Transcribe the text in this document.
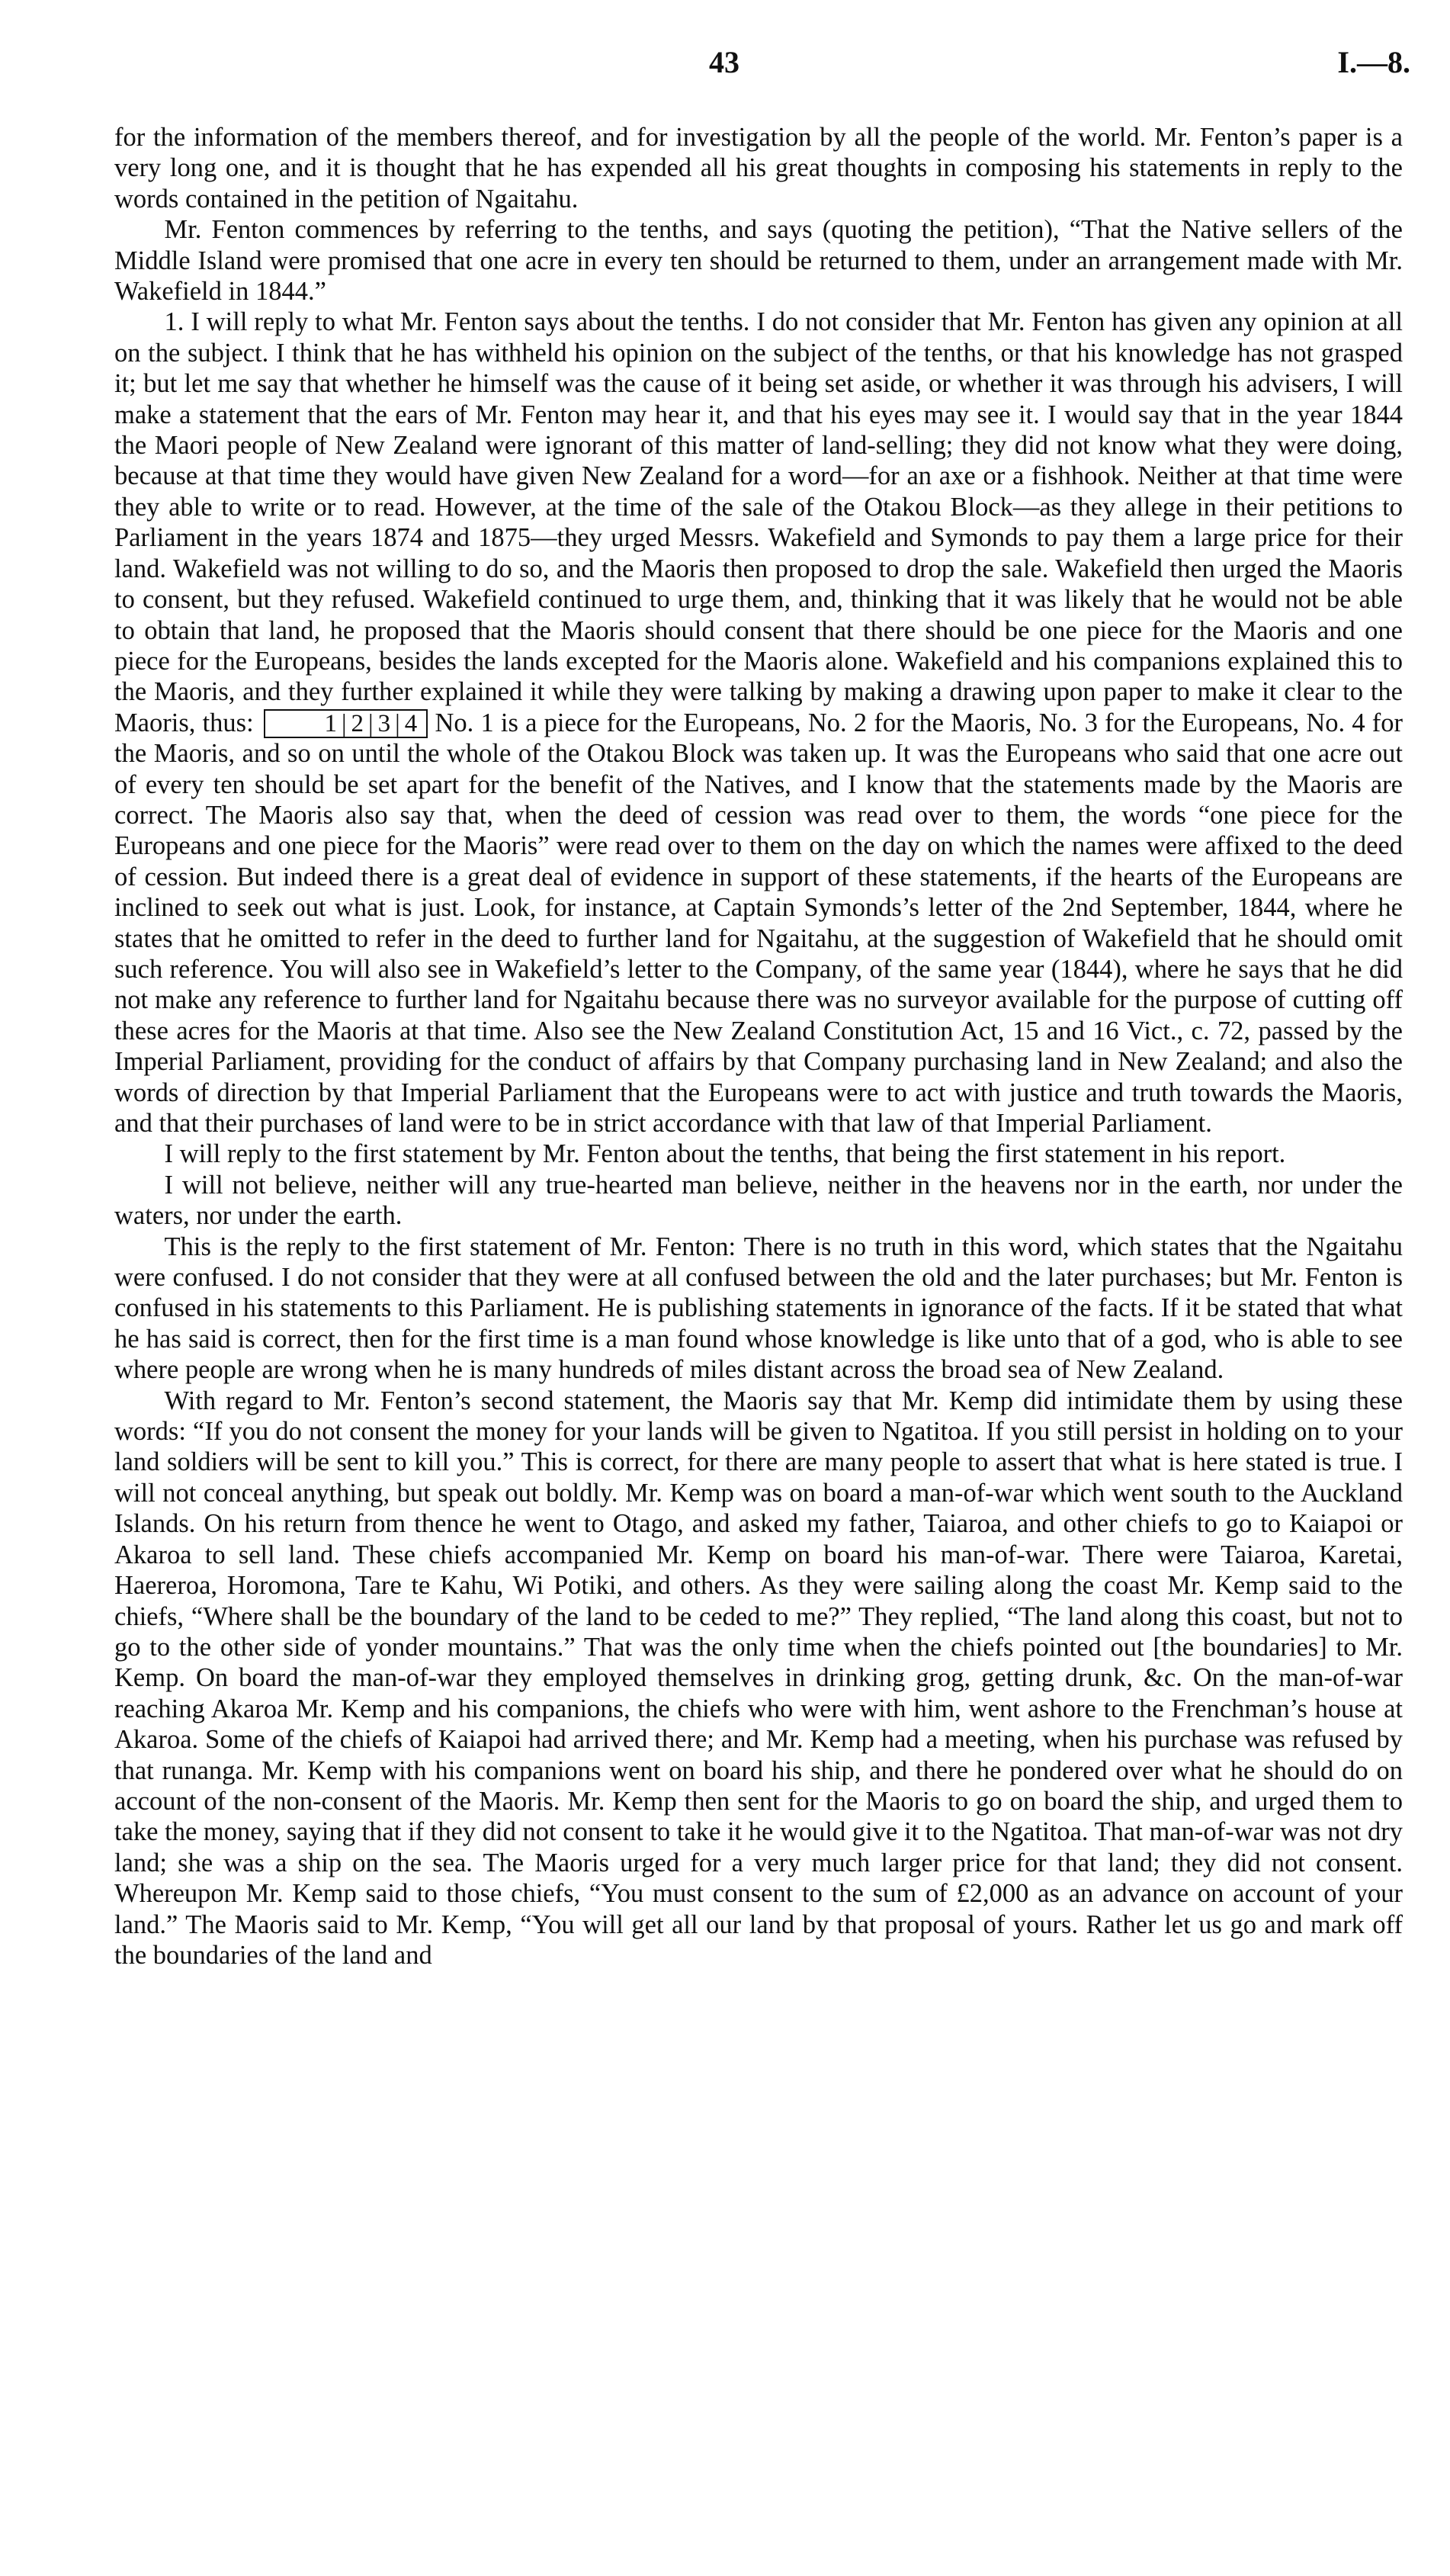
43	I.—8.

for the information of the members thereof, and for investigation by all the people of the world. Mr. Fenton’s paper is a very long one, and it is thought that he has expended all his great thoughts in composing his statements in reply to the words contained in the petition of Ngaitahu.

Mr. Fenton commences by referring to the tenths, and says (quoting the petition), “That the Native sellers of the Middle Island were promised that one acre in every ten should be returned to them, under an arrangement made with Mr. Wakefield in 1844.”

1. I will reply to what Mr. Fenton says about the tenths. I do not consider that Mr. Fenton has given any opinion at all on the subject. I think that he has withheld his opinion on the subject of the tenths, or that his knowledge has not grasped it; but let me say that whether he himself was the cause of it being set aside, or whether it was through his advisers, I will make a statement that the ears of Mr. Fenton may hear it, and that his eyes may see it. I would say that in the year 1844 the Maori people of New Zealand were ignorant of this matter of land-selling; they did not know what they were doing, because at that time they would have given New Zealand for a word—for an axe or a fishhook. Neither at that time were they able to write or to read. However, at the time of the sale of the Otakou Block—as they allege in their petitions to Parliament in the years 1874 and 1875—they urged Messrs. Wakefield and Symonds to pay them a large price for their land. Wakefield was not willing to do so, and the Maoris then proposed to drop the sale. Wakefield then urged the Maoris to consent, but they refused. Wakefield continued to urge them, and, thinking that it was likely that he would not be able to obtain that land, he proposed that the Maoris should consent that there should be one piece for the Maoris and one piece for the Europeans, besides the lands excepted for the Maoris alone. Wakefield and his companions explained this to the Maoris, and they further explained it while they were talking by making a drawing upon paper to make it clear to the Maoris, thus:	1 | 2 | 3 | 4 No. 1 is a piece for the Europeans, No. 2 for the Maoris, No. 3 for the Europeans, No. 4 for the Maoris, and so on until the whole of the Otakou Block was taken up. It was the Europeans who said that one acre out of every ten should be set apart for the benefit of the Natives, and I know that the statements made by the Maoris are correct. The Maoris also say that, when the deed of cession was read over to them, the words “one piece for the Europeans and one piece for the Maoris” were read over to them on the day on which the names were affixed to the deed of cession. But indeed there is a great deal of evidence in support of these statements, if the hearts of the Europeans are inclined to seek out what is just. Look, for instance, at Captain Symonds’s letter of the 2nd September, 1844, where he states that he omitted to refer in the deed to further land for Ngaitahu, at the suggestion of Wakefield that he should omit such reference. You will also see in Wakefield’s letter to the Company, of the same year (1844), where he says that he did not make any reference to further land for Ngaitahu because there was no surveyor available for the purpose of cutting off these acres for the Maoris at that time. Also see the New Zealand Constitution Act, 15 and 16 Vict., c. 72, passed by the Imperial Parliament, providing for the conduct of affairs by that Company purchasing land in New Zealand; and also the words of direction by that Imperial Parliament that the Europeans were to act with justice and truth towards the Maoris, and that their purchases of land were to be in strict accordance with that law of that Imperial Parliament.

I will reply to the first statement by Mr. Fenton about the tenths, that being the first statement in his report.

I will not believe, neither will any true-hearted man believe, neither in the heavens nor in the earth, nor under the waters, nor under the earth.

This is the reply to the first statement of Mr. Fenton: There is no truth in this word, which states that the Ngaitahu were confused. I do not consider that they were at all confused between the old and the later purchases; but Mr. Fenton is confused in his statements to this Parliament. He is publishing statements in ignorance of the facts. If it be stated that what he has said is correct, then for the first time is a man found whose knowledge is like unto that of a god, who is able to see where people are wrong when he is many hundreds of miles distant across the broad sea of New Zealand.

With regard to Mr. Fenton’s second statement, the Maoris say that Mr. Kemp did intimidate them by using these words: “If you do not consent the money for your lands will be given to Ngatitoa. If you still persist in holding on to your land soldiers will be sent to kill you.” This is correct, for there are many people to assert that what is here stated is true. I will not conceal anything, but speak out boldly. Mr. Kemp was on board a man-of-war which went south to the Auckland Islands. On his return from thence he went to Otago, and asked my father, Taiaroa, and other chiefs to go to Kaiapoi or Akaroa to sell land. These chiefs accompanied Mr. Kemp on board his man-of-war. There were Taiaroa, Karetai, Haereroa, Horomona, Tare te Kahu, Wi Potiki, and others. As they were sailing along the coast Mr. Kemp said to the chiefs, “Where shall be the boundary of the land to be ceded to me?” They replied, “The land along this coast, but not to go to the other side of yonder mountains.” That was the only time when the chiefs pointed out [the boundaries] to Mr. Kemp. On board the man-of-war they employed themselves in drinking grog, getting drunk, &c. On the man-of-war reaching Akaroa Mr. Kemp and his companions, the chiefs who were with him, went ashore to the Frenchman’s house at Akaroa. Some of the chiefs of Kaiapoi had arrived there; and Mr. Kemp had a meeting, when his purchase was refused by that runanga. Mr. Kemp with his companions went on board his ship, and there he pondered over what he should do on account of the non-consent of the Maoris. Mr. Kemp then sent for the Maoris to go on board the ship, and urged them to take the money, saying that if they did not consent to take it he would give it to the Ngatitoa. That man-of-war was not dry land; she was a ship on the sea. The Maoris urged for a very much larger price for that land; they did not consent. Whereupon Mr. Kemp said to those chiefs, “You must consent to the sum of £2,000 as an advance on account of your land.” The Maoris said to Mr. Kemp, “You will get all our land by that proposal of yours. Rather let us go and mark off the boundaries of the land and
